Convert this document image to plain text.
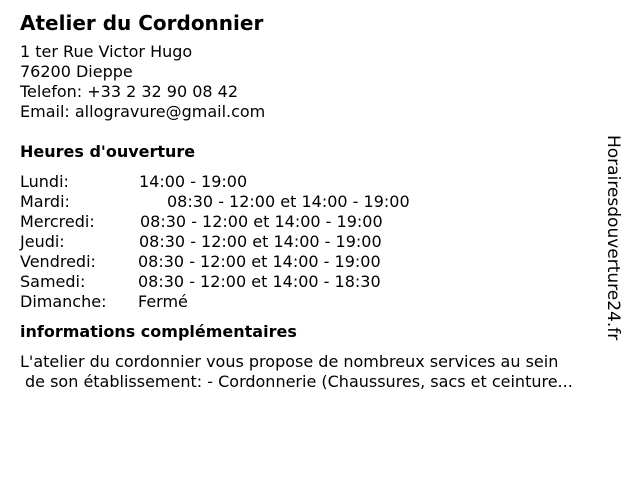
Atelier du Cordonnier
1 ter Rue Victor Hugo
76200 Dieppe
Telefon: +33 2 32 90 08 42
Email: allogravure@gmail.com
Heures d'ouverture
Lundi:	14:00 - 19:00
Mardi:	08:30 - 12:00 et 14:00 - 19:00
Mercredi:	08:30 - 12:00 et 14:00 - 19:00
Jeudi:	08:30 - 12:00 et 14:00 - 19:00
Vendredi:	08:30 - 12:00 et 14:00 - 19:00
Samedi:	08:30 - 12:00 et 14:00 - 18:30
Dimanche: Fermé
informations complémentaires
L'atelier du cordonnier vous propose de nombreux services au sein
de son établissement: - Cordonnerie (Chaussures, sacs et ceinture...
Horairesdouverture24.fr
